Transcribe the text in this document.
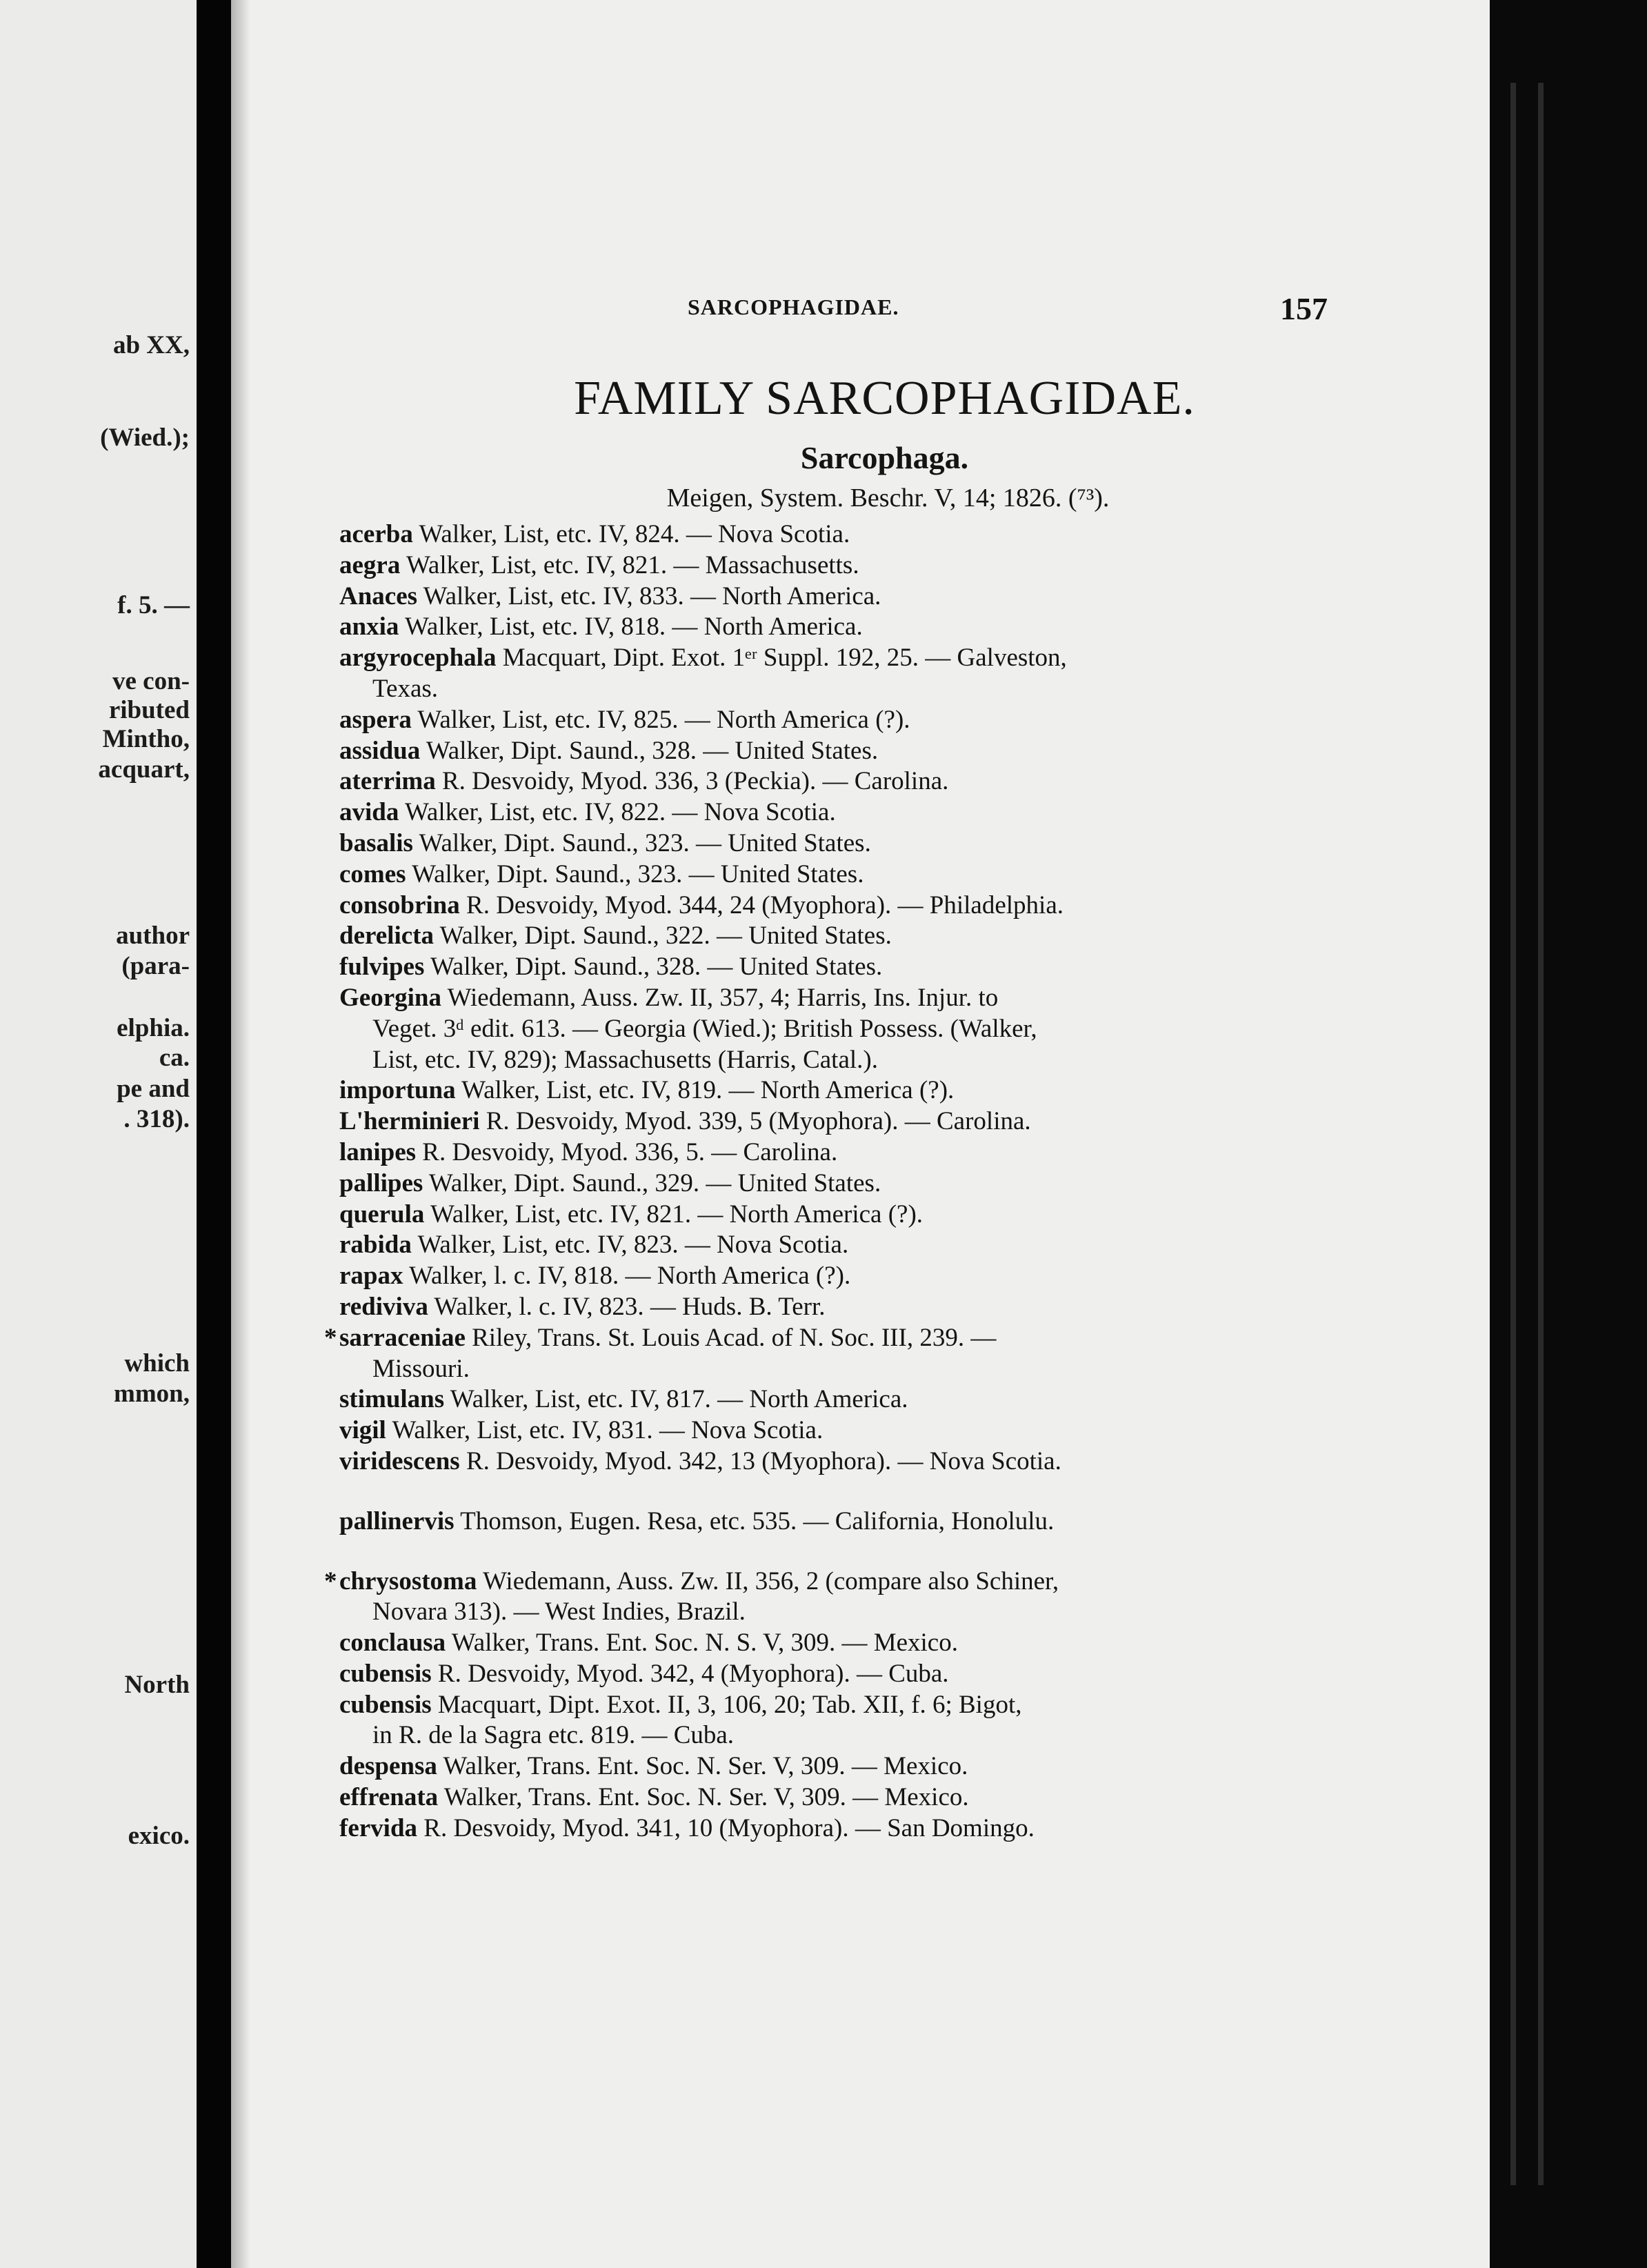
ab XX,
(Wied.);
f. 5. —
ve con-
ributed
Mintho,
acquart,
author
(para-
elphia.
ca.
pe and
. 318).
which
mmon,
North
exico.
SARCOPHAGIDAE.	157
FAMILY SARCOPHAGIDAE.
Sarcophaga.
Meigen, System. Beschr. V, 14; 1826. (⁷³).
acerba Walker, List, etc. IV, 824. — Nova Scotia.
aegra Walker, List, etc. IV, 821. — Massachusetts.
Anaces Walker, List, etc. IV, 833. — North America.
anxia Walker, List, etc. IV, 818. — North America.
argyrocephala Macquart, Dipt. Exot. 1ᵉʳ Suppl. 192, 25. — Galveston,
Texas.
aspera Walker, List, etc. IV, 825. — North America (?).
assidua Walker, Dipt. Saund., 328. — United States.
aterrima R. Desvoidy, Myod. 336, 3 (Peckia). — Carolina.
avida Walker, List, etc. IV, 822. — Nova Scotia.
basalis Walker, Dipt. Saund., 323. — United States.
comes Walker, Dipt. Saund., 323. — United States.
consobrina R. Desvoidy, Myod. 344, 24 (Myophora). — Philadelphia.
derelicta Walker, Dipt. Saund., 322. — United States.
fulvipes Walker, Dipt. Saund., 328. — United States.
Georgina Wiedemann, Auss. Zw. II, 357, 4; Harris, Ins. Injur. to
Veget. 3ᵈ edit. 613. — Georgia (Wied.); British Possess. (Walker,
List, etc. IV, 829); Massachusetts (Harris, Catal.).
importuna Walker, List, etc. IV, 819. — North America (?).
L'herminieri R. Desvoidy, Myod. 339, 5 (Myophora). — Carolina.
lanipes R. Desvoidy, Myod. 336, 5. — Carolina.
pallipes Walker, Dipt. Saund., 329. — United States.
querula Walker, List, etc. IV, 821. — North America (?).
rabida Walker, List, etc. IV, 823. — Nova Scotia.
rapax Walker, l. c. IV, 818. — North America (?).
rediviva Walker, l. c. IV, 823. — Huds. B. Terr.
* sarraceniae Riley, Trans. St. Louis Acad. of N. Soc. III, 239. —
Missouri.
stimulans Walker, List, etc. IV, 817. — North America.
vigil Walker, List, etc. IV, 831. — Nova Scotia.
viridescens R. Desvoidy, Myod. 342, 13 (Myophora). — Nova Scotia.
pallinervis Thomson, Eugen. Resa, etc. 535. — California, Honolulu.
* chrysostoma Wiedemann, Auss. Zw. II, 356, 2 (compare also Schiner,
Novara 313). — West Indies, Brazil.
conclausa Walker, Trans. Ent. Soc. N. S. V, 309. — Mexico.
cubensis R. Desvoidy, Myod. 342, 4 (Myophora). — Cuba.
cubensis Macquart, Dipt. Exot. II, 3, 106, 20; Tab. XII, f. 6; Bigot,
in R. de la Sagra etc. 819. — Cuba.
despensa Walker, Trans. Ent. Soc. N. Ser. V, 309. — Mexico.
effrenata Walker, Trans. Ent. Soc. N. Ser. V, 309. — Mexico.
fervida R. Desvoidy, Myod. 341, 10 (Myophora). — San Domingo.
